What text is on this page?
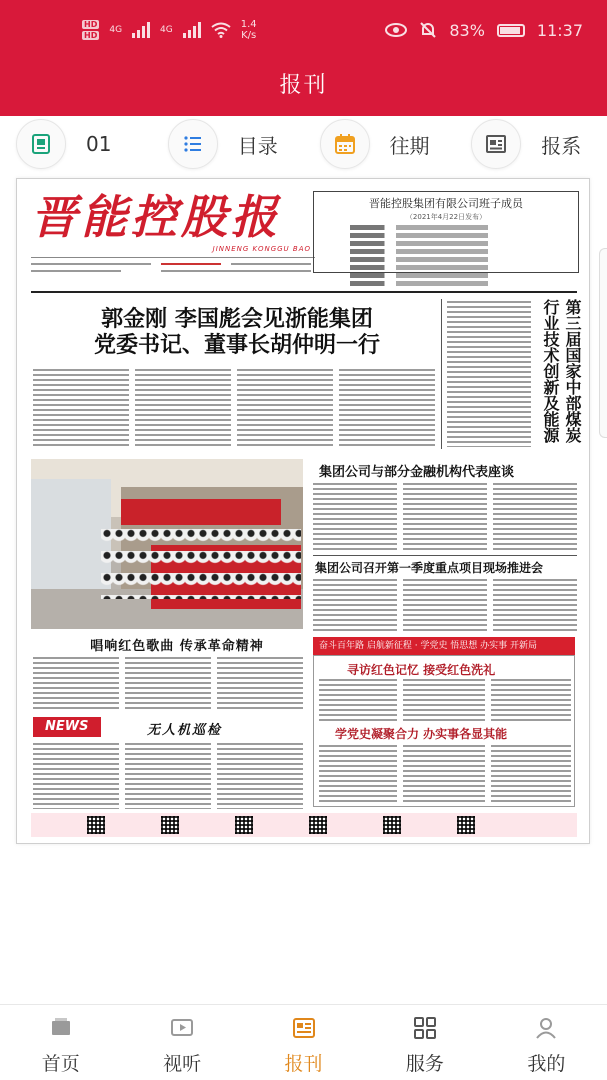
HD
HD
4G	4G	1.4
K/s	83%	11:37
报刊
01	目录	往期	报系
晋能控股报
JINNENG KONGGU BAO
晋能控股集团有限公司班子成员
（2021年4月22日发布）
郭金刚 李国彪会见浙能集团
党委书记、董事长胡仲明一行	第三届国家中部煤炭行业技术创新及能源
唱响红色歌曲 传承革命精神
集团公司与部分金融机构代表座谈
集团公司召开第一季度重点项目现场推进会
奋斗百年路 启航新征程 · 学党史 悟思想 办实事 开新局
寻访红色记忆 接受红色洗礼
学党史凝聚合力 办实事各显其能
NEWS	无人机巡检
首页	视听	报刊	服务	我的
